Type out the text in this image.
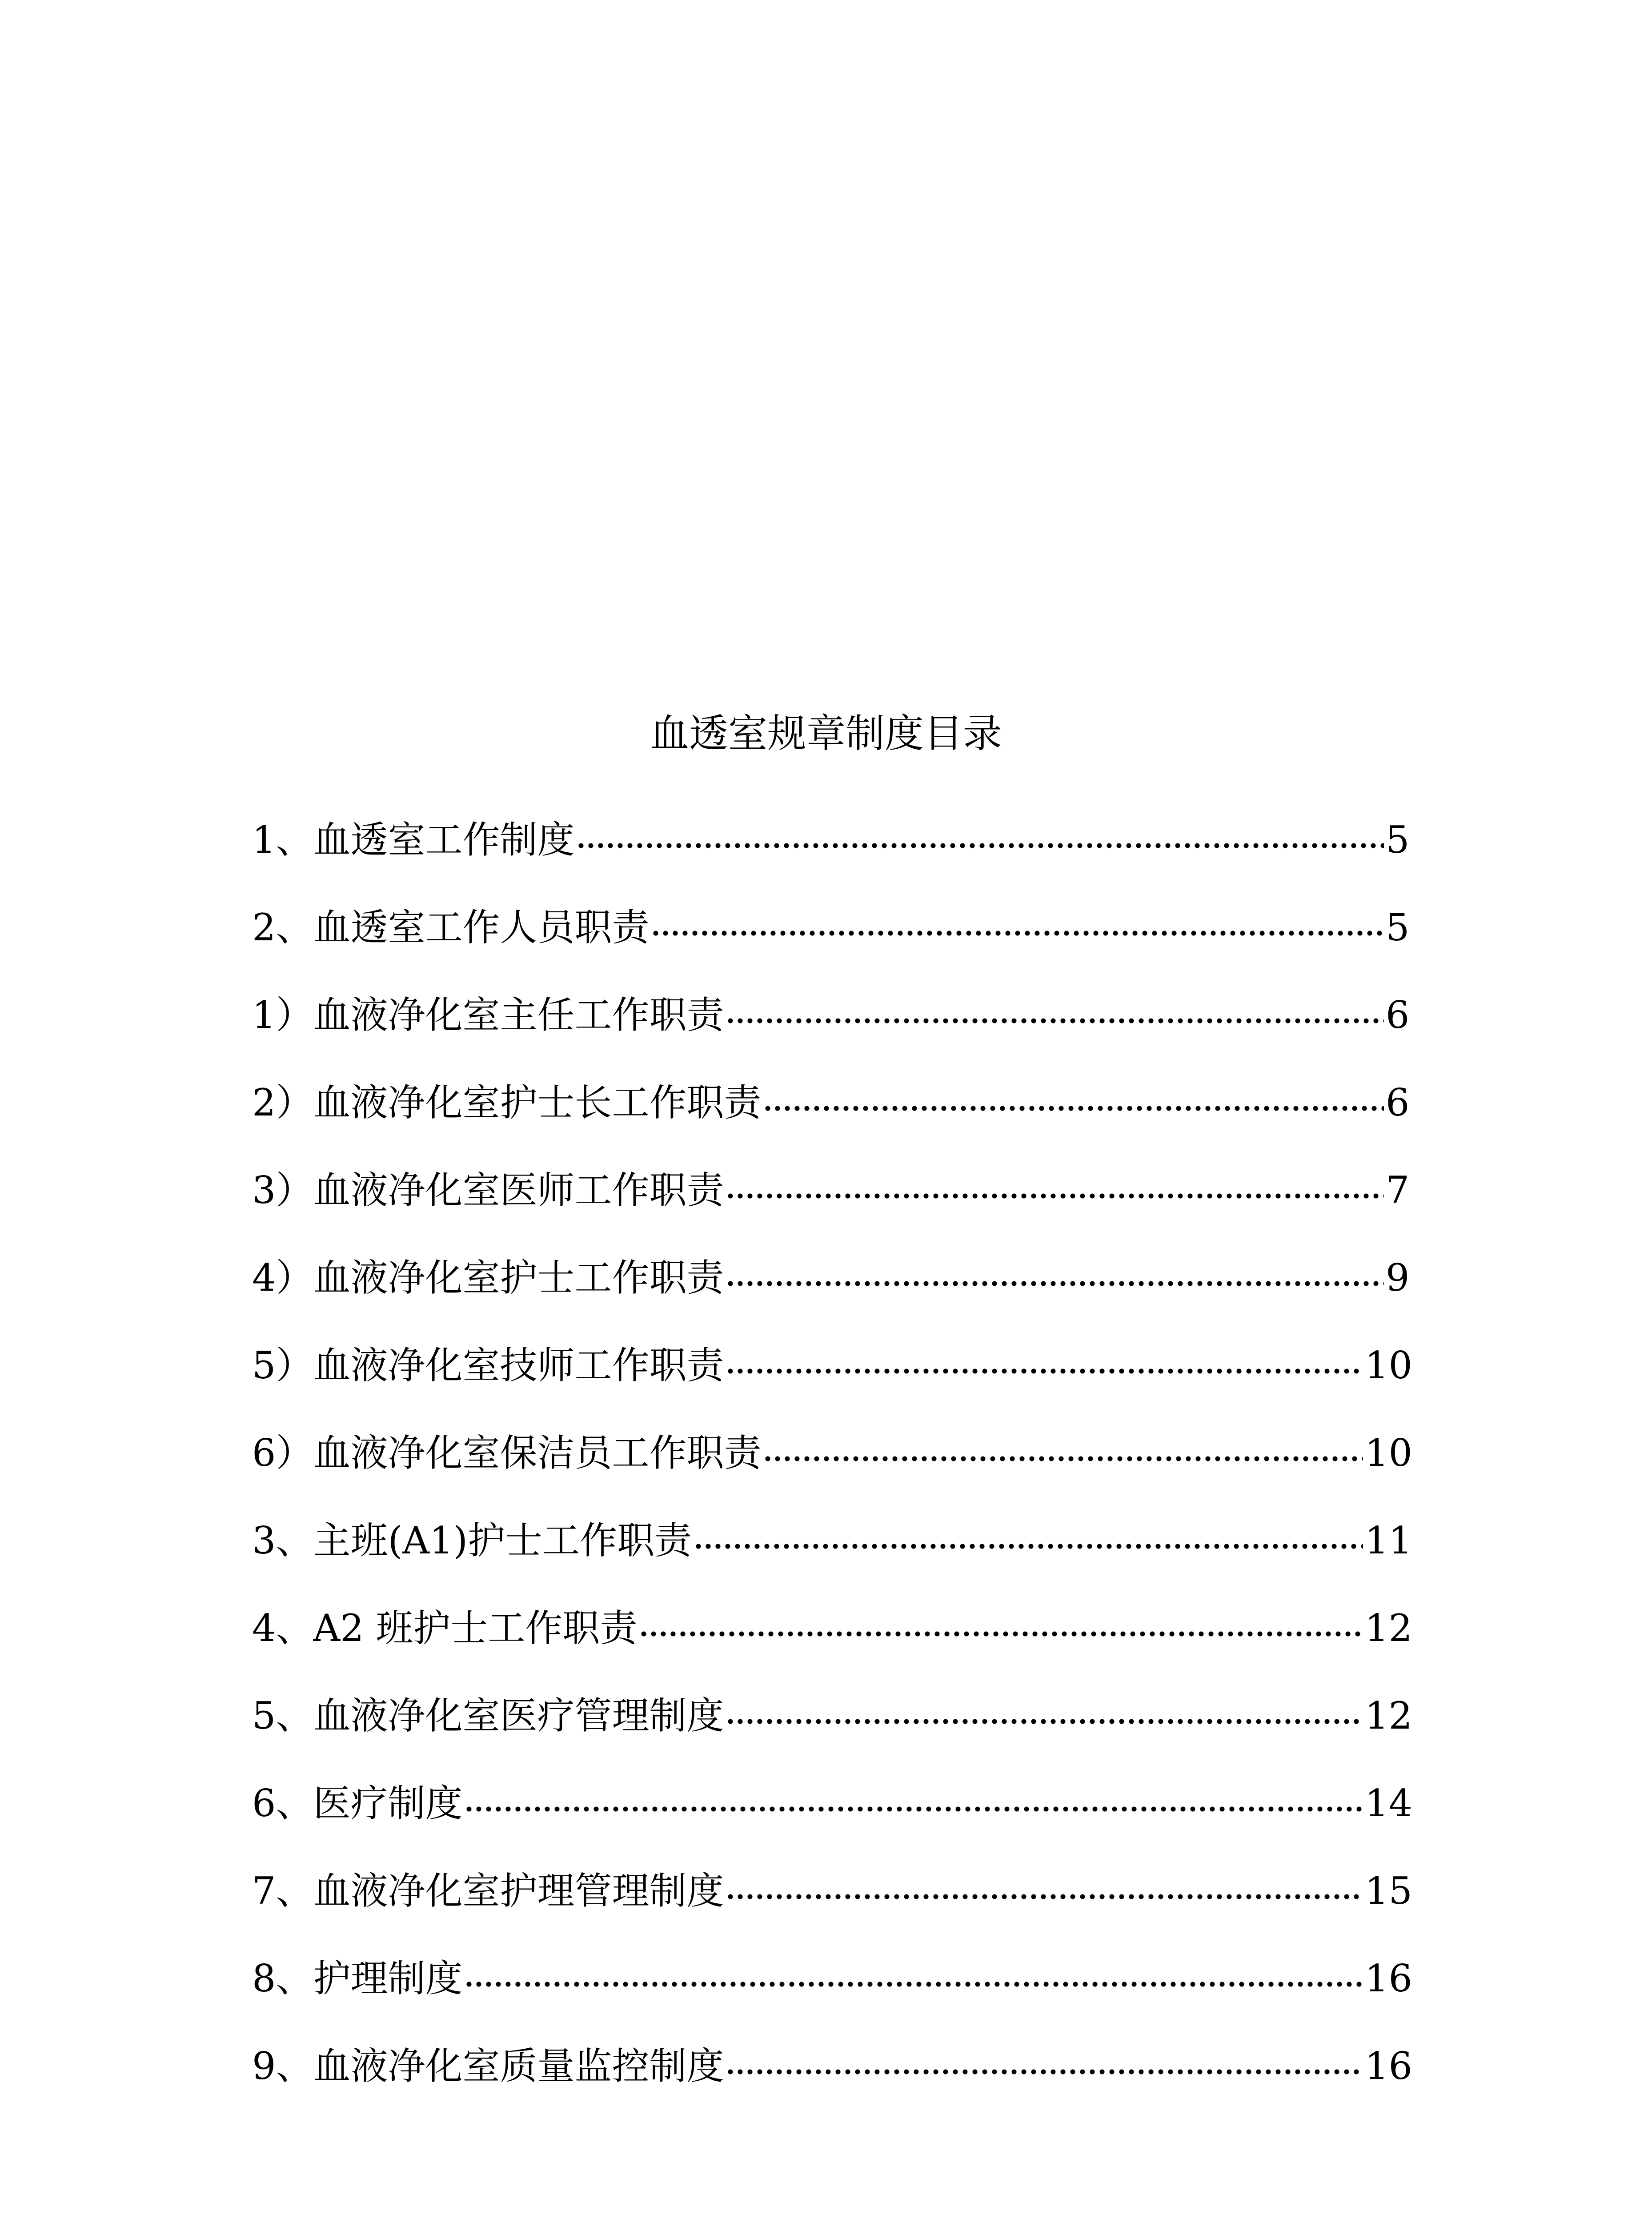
血透室规章制度目录
1、血透室工作制度	5
2、血透室工作人员职责	5
1）血液净化室主任工作职责	6
2）血液净化室护士长工作职责	6
3）血液净化室医师工作职责	7
4）血液净化室护士工作职责	9
5）血液净化室技师工作职责	10
6）血液净化室保洁员工作职责	10
3、主班(A1)护士工作职责	11
4、A2 班护士工作职责	12
5、血液净化室医疗管理制度	12
6、医疗制度	14
7、血液净化室护理管理制度	15
8、护理制度	16
9、血液净化室质量监控制度	16
